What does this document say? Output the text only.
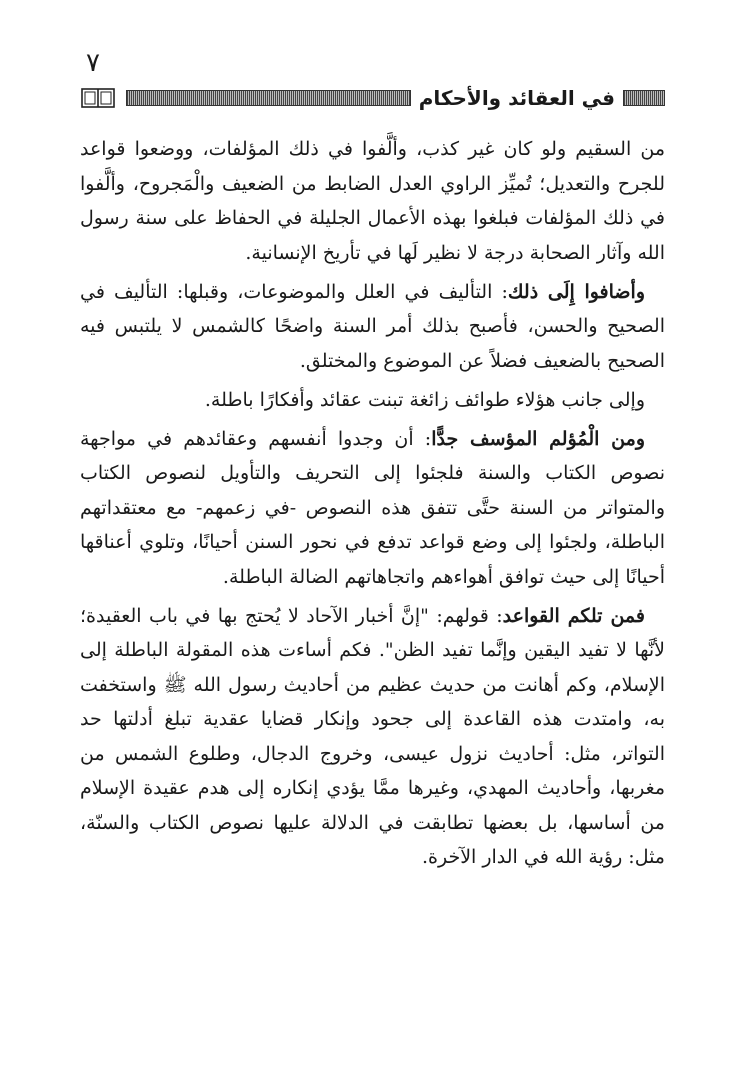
٧
في العقائد والأحكام

من السقيم ولو كان غير كذب، وألَّفوا في ذلك المؤلفات، ووضعوا قواعد للجرح والتعديل؛ تُميِّز الراوي العدل الضابط من الضعيف والْمَجروح، وألَّفوا في ذلك المؤلفات فبلغوا بهذه الأعمال الجليلة في الحفاظ على سنة رسول الله وآثار الصحابة درجة لا نظير لَها في تأريخ الإنسانية.

وأضافوا إِلَى ذلك: التأليف في العلل والموضوعات، وقبلها: التأليف في الصحيح والحسن، فأصبح بذلك أمر السنة واضحًا كالشمس لا يلتبس فيه الصحيح بالضعيف فضلاً عن الموضوع والمختلق.

وإلى جانب هؤلاء طوائف زائغة تبنت عقائد وأفكارًا باطلة.

ومن الْمُؤلم المؤسف جدًّا: أن وجدوا أنفسهم وعقائدهم في مواجهة نصوص الكتاب والسنة فلجئوا إلى التحريف والتأويل لنصوص الكتاب والمتواتر من السنة حتَّى تتفق هذه النصوص -في زعمهم- مع معتقداتهم الباطلة، ولجئوا إلى وضع قواعد تدفع في نحور السنن أحيانًا، وتلوي أعناقها أحيانًا إلى حيث توافق أهواءهم واتجاهاتهم الضالة الباطلة.

فمن تلكم القواعد: قولهم: "إنَّ أخبار الآحاد لا يُحتج بها في باب العقيدة؛ لأنَّها لا تفيد اليقين وإنَّما تفيد الظن". فكم أساءت هذه المقولة الباطلة إلى الإسلام، وكم أهانت من حديث عظيم من أحاديث رسول الله ﷺ واستخفت به، وامتدت هذه القاعدة إلى جحود وإنكار قضايا عقدية تبلغ أدلتها حد التواتر، مثل: أحاديث نزول عيسى، وخروج الدجال، وطلوع الشمس من مغربها، وأحاديث المهدي، وغيرها ممَّا يؤدي إنكاره إلى هدم عقيدة الإسلام من أساسها، بل بعضها تطابقت في الدلالة عليها نصوص الكتاب والسنّة، مثل: رؤية الله في الدار الآخرة.
